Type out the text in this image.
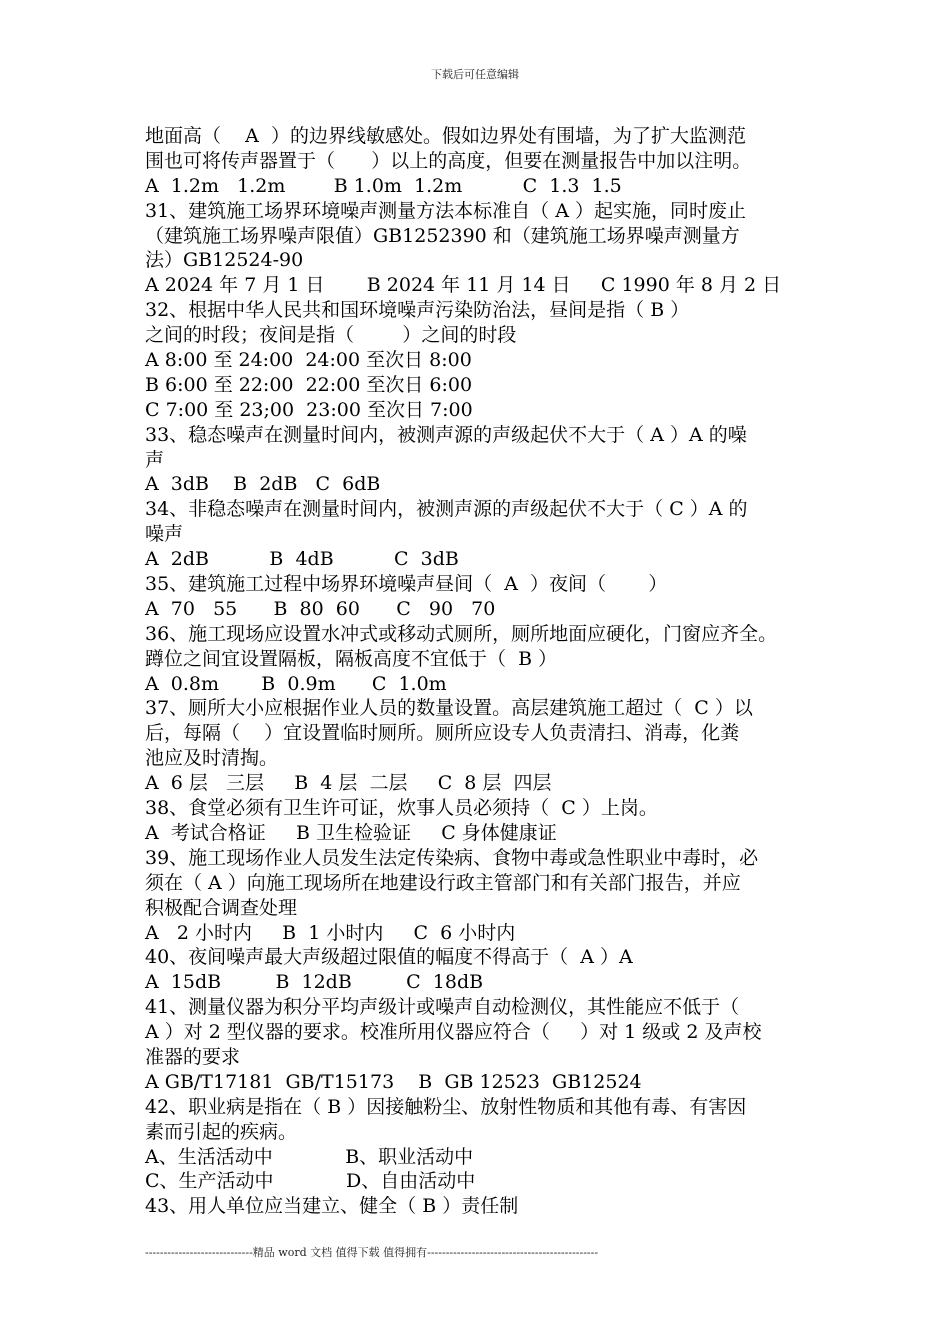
下载后可任意编辑
地面高（    A  ）的边界线敏感处。假如边界处有围墙，为了扩大监测范
围也可将传声器置于（      ）以上的高度，但要在测量报告中加以注明。
A  1.2m   1.2m        B 1.0m  1.2m          C  1.3  1.5
31、建筑施工场界环境噪声测量方法本标准自（ A ）起实施，同时废止
（建筑施工场界噪声限值）GB1252390 和（建筑施工场界噪声测量方
法）GB12524-90
A 2024 年 7 月 1 日       B 2024 年 11 月 14 日     C 1990 年 8 月 2 日
32、根据中华人民共和国环境噪声污染防治法，昼间是指（ B ）
之间的时段；夜间是指（        ）之间的时段
A 8:00 至 24:00  24:00 至次日 8:00
B 6:00 至 22:00  22:00 至次日 6:00
C 7:00 至 23;00  23:00 至次日 7:00
33、稳态噪声在测量时间内，被测声源的声级起伏不大于（ A ）A 的噪
声
A  3dB    B  2dB   C  6dB
34、非稳态噪声在测量时间内，被测声源的声级起伏不大于（ C ）A 的
噪声
A  2dB          B  4dB          C  3dB
35、建筑施工过程中场界环境噪声昼间（  A  ）夜间（       ）
A  70   55      B  80  60      C   90   70
36、施工现场应设置水冲式或移动式厕所，厕所地面应硬化，门窗应齐全。
蹲位之间宜设置隔板，隔板高度不宜低于（  B ）
A  0.8m       B  0.9m      C  1.0m
37、厕所大小应根据作业人员的数量设置。高层建筑施工超过（  C ）以
后，每隔（    ）宜设置临时厕所。厕所应设专人负责清扫、消毒，化粪
池应及时清掏。
A  6 层   三层     B  4 层  二层     C  8 层  四层
38、食堂必须有卫生许可证，炊事人员必须持（  C ）上岗。
A  考试合格证     B 卫生检验证     C 身体健康证
39、施工现场作业人员发生法定传染病、食物中毒或急性职业中毒时，必
须在（ A ）向施工现场所在地建设行政主管部门和有关部门报告，并应
积极配合调查处理
A   2 小时内     B  1 小时内     C  6 小时内
40、夜间噪声最大声级超过限值的幅度不得高于（  A ）A
A  15dB         B  12dB         C  18dB
41、测量仪器为积分平均声级计或噪声自动检测仪，其性能应不低于（
A ）对 2 型仪器的要求。校准所用仪器应符合（     ）对 1 级或 2 及声校
准器的要求
A GB/T17181  GB/T15173    B  GB 12523  GB12524
42、职业病是指在（ B ）因接触粉尘、放射性物质和其他有毒、有害因
素而引起的疾病。
A、生活活动中            B、职业活动中
C、生产活动中            D、自由活动中
43、用人单位应当建立、健全（ B ）责任制
-----------------------------精品 word 文档 值得下载 值得拥有----------------------------------------------
